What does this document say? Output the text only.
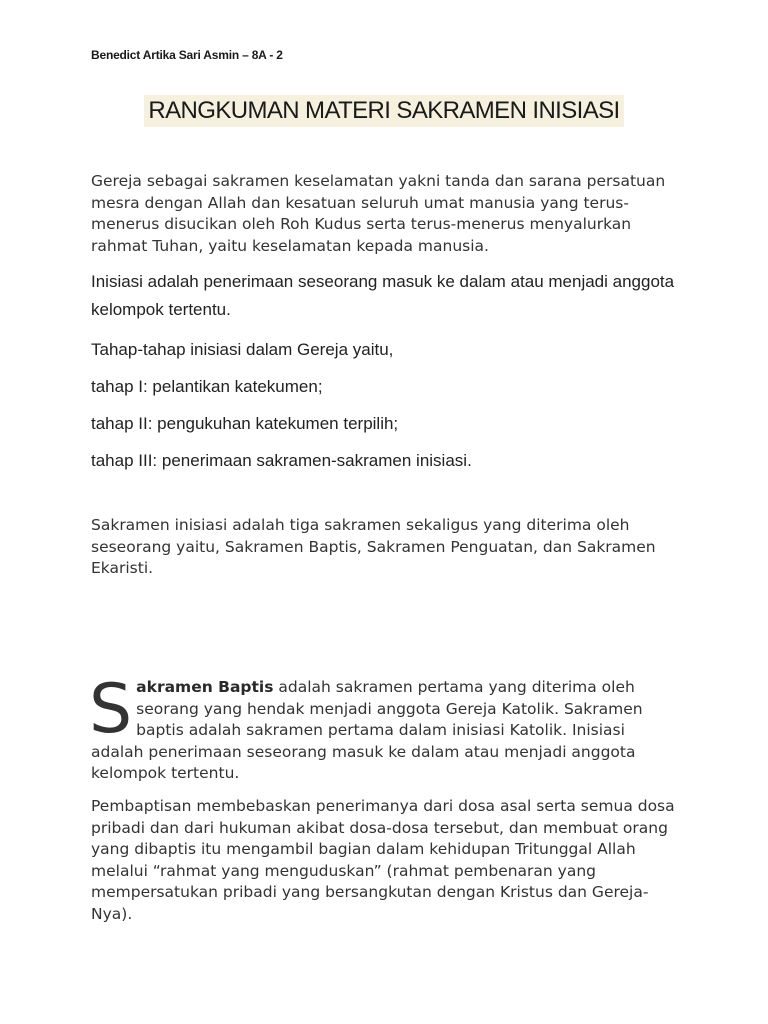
Benedict Artika Sari Asmin – 8A - 2
RANGKUMAN MATERI SAKRAMEN INISIASI

Gereja sebagai sakramen keselamatan yakni tanda dan sarana persatuan mesra dengan Allah dan kesatuan seluruh umat manusia yang terus-menerus disucikan oleh Roh Kudus serta terus-menerus menyalurkan rahmat Tuhan, yaitu keselamatan kepada manusia.

Inisiasi adalah penerimaan seseorang masuk ke dalam atau menjadi anggota kelompok tertentu.

Tahap-tahap inisiasi dalam Gereja yaitu,

tahap I: pelantikan katekumen;

tahap II: pengukuhan katekumen terpilih;

tahap III: penerimaan sakramen-sakramen inisiasi.

Sakramen inisiasi adalah tiga sakramen sekaligus yang diterima oleh seseorang yaitu, Sakramen Baptis, Sakramen Penguatan, dan Sakramen Ekaristi.

Sakramen Baptis adalah sakramen pertama yang diterima oleh seorang yang hendak menjadi anggota Gereja Katolik. Sakramen baptis adalah sakramen pertama dalam inisiasi Katolik. Inisiasi adalah penerimaan seseorang masuk ke dalam atau menjadi anggota kelompok tertentu.

Pembaptisan membebaskan penerimanya dari dosa asal serta semua dosa pribadi dan dari hukuman akibat dosa-dosa tersebut, dan membuat orang yang dibaptis itu mengambil bagian dalam kehidupan Tritunggal Allah melalui “rahmat yang menguduskan” (rahmat pembenaran yang mempersatukan pribadi yang bersangkutan dengan Kristus dan Gereja-Nya).
